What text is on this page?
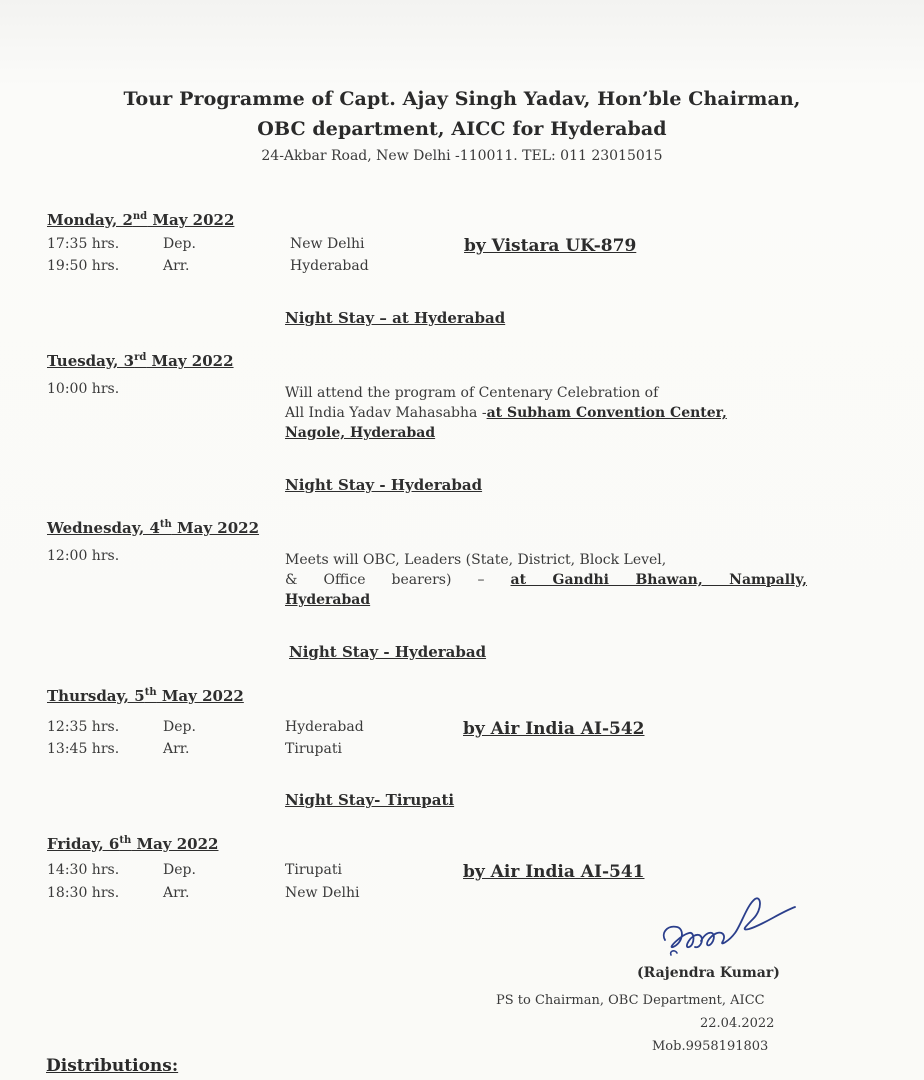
Tour Programme of Capt. Ajay Singh Yadav, Hon’ble Chairman,
OBC department, AICC for Hyderabad
24-Akbar Road, New Delhi -110011. TEL: 011 23015015
Monday, 2nd May 2022
17:35 hrs.	Dep.	New Delhi	by Vistara UK-879
19:50 hrs.	Arr.	Hyderabad
Night Stay – at Hyderabad
Tuesday, 3rd May 2022
10:00 hrs.	Will attend the program of Centenary Celebration of
All India Yadav Mahasabha -at Subham Convention Center,
Nagole, Hyderabad
Night Stay - Hyderabad
Wednesday, 4th May 2022
12:00 hrs.	Meets will OBC, Leaders (State, District, Block Level,
& Office bearers) – at Gandhi Bhawan, Nampally,
Hyderabad
Night Stay - Hyderabad
Thursday, 5th May 2022
12:35 hrs.	Dep.	Hyderabad	by Air India AI-542
13:45 hrs.	Arr.	Tirupati
Night Stay- Tirupati
Friday, 6th May 2022
14:30 hrs.	Dep.	Tirupati	by Air India AI-541
18:30 hrs.	Arr.	New Delhi
(Rajendra Kumar)
PS to Chairman, OBC Department, AICC
22.04.2022
Mob.9958191803
Distributions:
